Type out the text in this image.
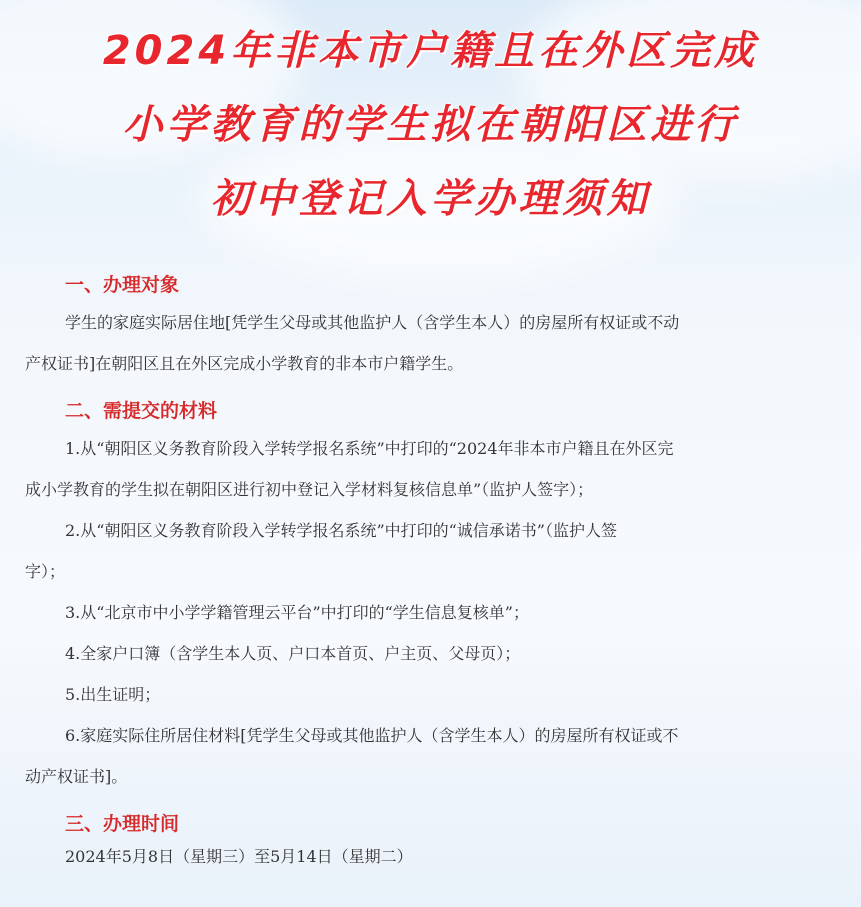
2024年非本市户籍且在外区完成
小学教育的学生拟在朝阳区进行
初中登记入学办理须知
一、办理对象

学生的家庭实际居住地[凭学生父母或其他监护人（含学生本人）的房屋所有权证或不动
产权证书]在朝阳区且在外区完成小学教育的非本市户籍学生。

二、需提交的材料

1.从“朝阳区义务教育阶段入学转学报名系统”中打印的“2024年非本市户籍且在外区完
成小学教育的学生拟在朝阳区进行初中登记入学材料复核信息单”（监护人签字）；

2.从“朝阳区义务教育阶段入学转学报名系统”中打印的“诚信承诺书”（监护人签
字）；

3.从“北京市中小学学籍管理云平台”中打印的“学生信息复核单”；

4.全家户口簿（含学生本人页、户口本首页、户主页、父母页）；

5.出生证明；

6.家庭实际住所居住材料[凭学生父母或其他监护人（含学生本人）的房屋所有权证或不
动产权证书]。

三、办理时间

2024年5月8日（星期三）至5月14日（星期二）
